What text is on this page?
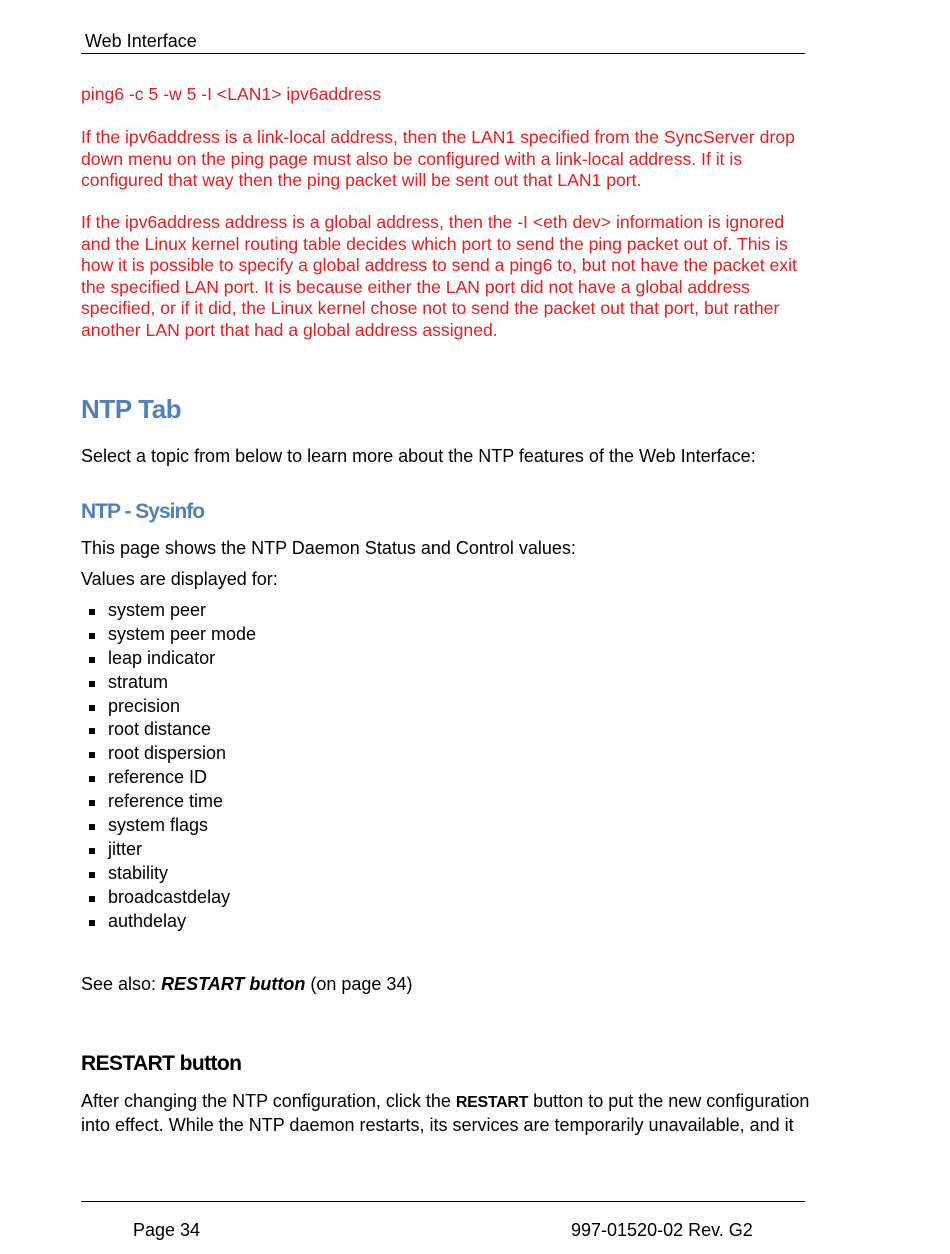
Web Interface

ping6 -c 5 -w 5 -I <LAN1> ipv6address

If the ipv6address is a link-local address, then the LAN1 specified from the SyncServer drop down menu on the ping page must also be configured with a link-local address. If it is configured that way then the ping packet will be sent out that LAN1 port.

If the ipv6address address is a global address, then the -I <eth dev> information is ignored and the Linux kernel routing table decides which port to send the ping packet out of. This is how it is possible to specify a global address to send a ping6 to, but not have the packet exit the specified LAN port. It is because either the LAN port did not have a global address specified, or if it did, the Linux kernel chose not to send the packet out that port, but rather another LAN port that had a global address assigned.

NTP Tab

Select a topic from below to learn more about the NTP features of the Web Interface:

NTP - Sysinfo

This page shows the NTP Daemon Status and Control values:

Values are displayed for:

system peer
system peer mode
leap indicator
stratum
precision
root distance
root dispersion
reference ID
reference time
system flags
jitter
stability
broadcastdelay
authdelay

See also: RESTART button (on page 34)

RESTART button

After changing the NTP configuration, click the RESTART button to put the new configuration into effect. While the NTP daemon restarts, its services are temporarily unavailable, and it

Page 34	997-01520-02 Rev. G2
